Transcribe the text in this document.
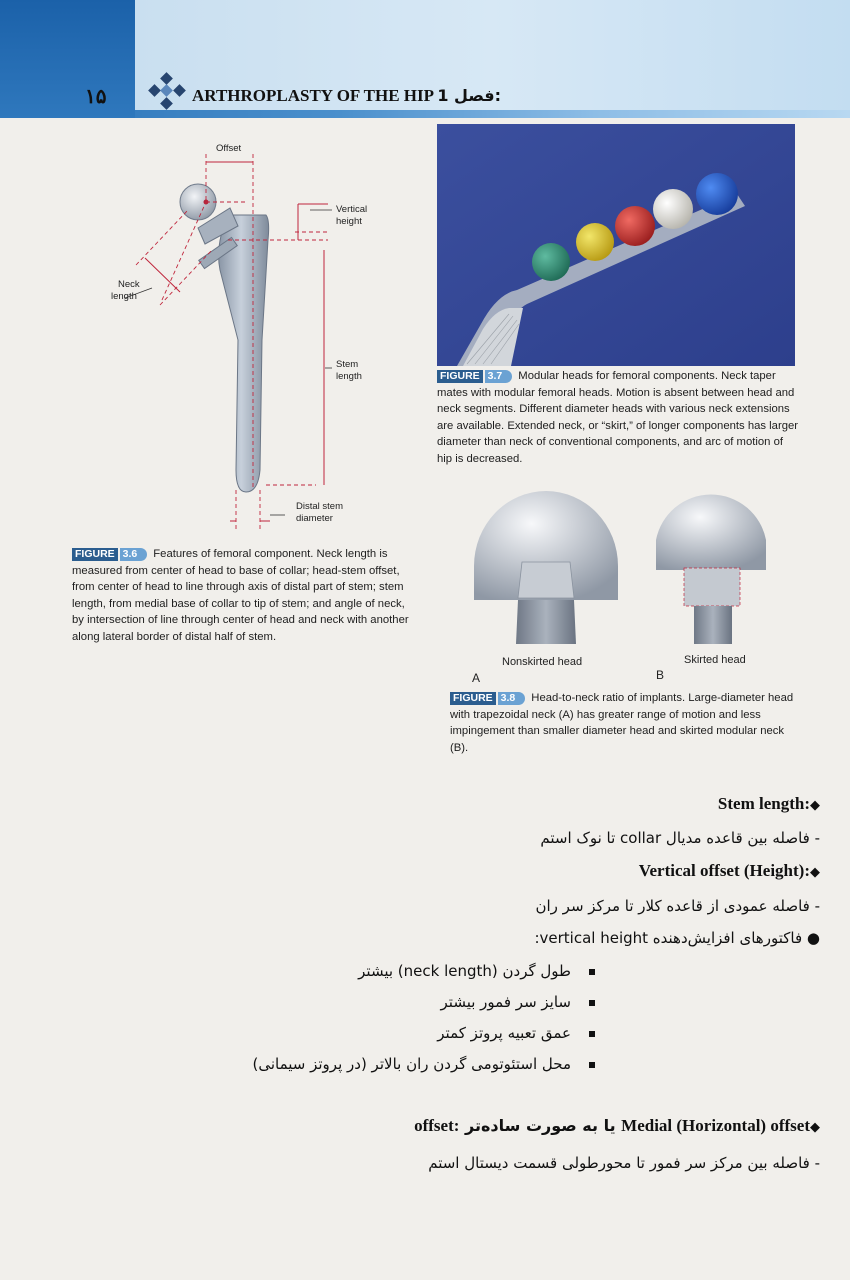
۱۵	ARTHROPLASTY OF THE HIP فصل 1:

Offset
Vertical
height
Neck
length
Stem
length
Distal stem
diameter
FIGURE 3.6 Features of femoral component. Neck length is measured from center of head to base of collar; head-stem offset, from center of head to line through axis of distal part of stem; stem length, from medial base of collar to tip of stem; and angle of neck, by intersection of line through center of head and neck with another along lateral border of distal half of stem.
FIGURE 3.7 Modular heads for femoral components. Neck taper mates with modular femoral heads. Motion is absent between head and neck segments. Different diameter heads with various neck extensions are available. Extended neck, or “skirt,” of longer components has larger diameter than neck of conventional components, and arc of motion of hip is decreased.
Nonskirted head
A
Skirted head
B
FIGURE 3.8 Head-to-neck ratio of implants. Large-diameter head with trapezoidal neck (A) has greater range of motion and less impingement than smaller diameter head and skirted modular neck (B).
◆:Stem length
- فاصله بین قاعده مدیال collar تا نوک استم
◆:Vertical offset (Height)
- فاصله عمودی از قاعده کلار تا مرکز سر ران
● فاکتورهای افزایش‌دهنده vertical height:
طول گردن (neck length) بیشتر
سایز سر فمور بیشتر
عمق تعبیه پروتز کمتر
محل استئوتومی گردن ران بالاتر (در پروتز سیمانی)
◆Medial (Horizontal) offset یا به صورت ساده‌تر :offset
- فاصله بین مرکز سر فمور تا محورطولی قسمت دیستال استم
